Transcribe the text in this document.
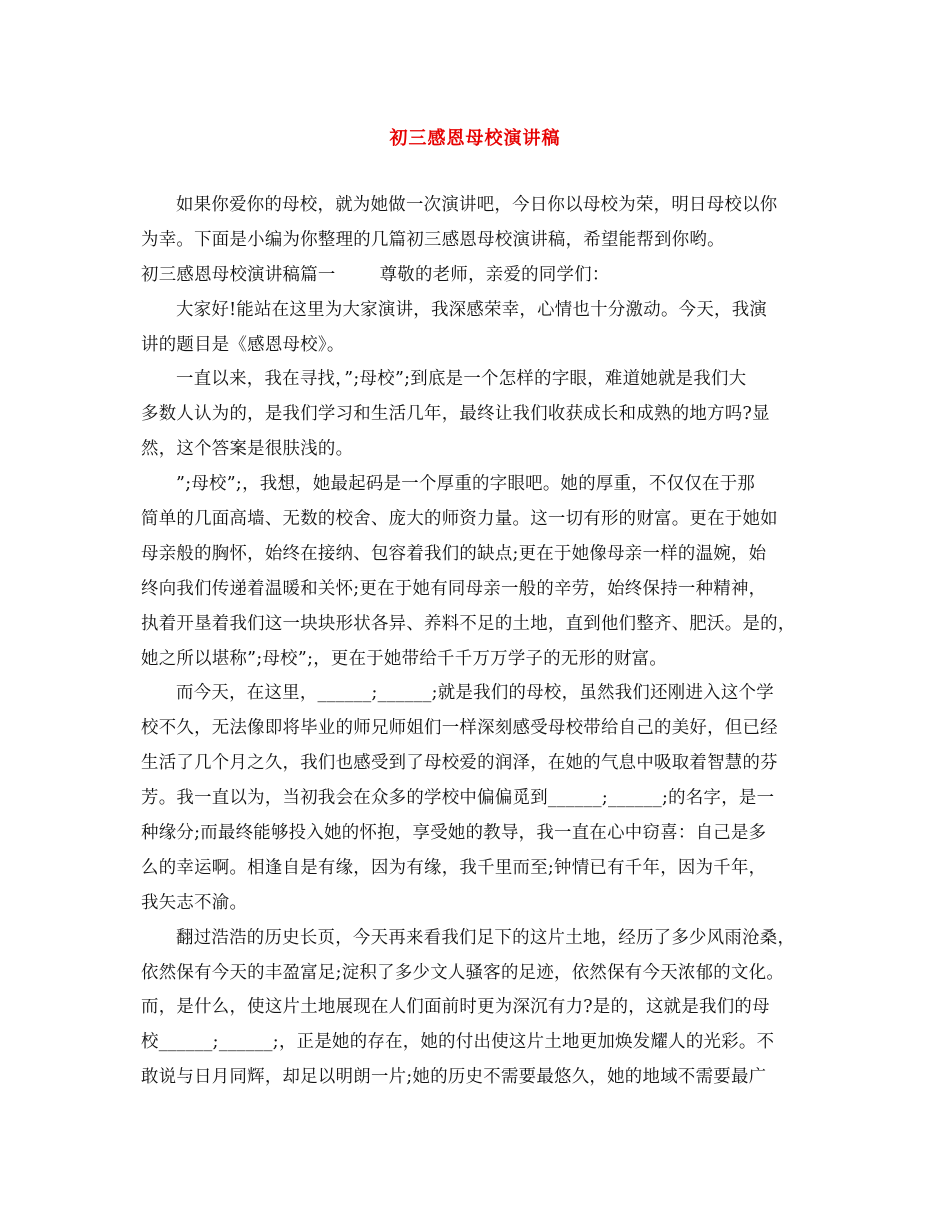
初三感恩母校演讲稿
如果你爱你的母校，就为她做一次演讲吧，今日你以母校为荣，明日母校以你
为幸。下面是小编为你整理的几篇初三感恩母校演讲稿，希望能帮到你哟。
初三感恩母校演讲稿篇一	尊敬的老师，亲爱的同学们：
大家好!能站在这里为大家演讲，我深感荣幸，心情也十分激动。今天，我演
讲的题目是《感恩母校》。
一直以来，我在寻找，”;母校”;到底是一个怎样的字眼，难道她就是我们大
多数人认为的，是我们学习和生活几年，最终让我们收获成长和成熟的地方吗?显
然，这个答案是很肤浅的。
”;母校”;，我想，她最起码是一个厚重的字眼吧。她的厚重，不仅仅在于那
简单的几面高墙、无数的校舍、庞大的师资力量。这一切有形的财富。更在于她如
母亲般的胸怀，始终在接纳、包容着我们的缺点;更在于她像母亲一样的温婉，始
终向我们传递着温暖和关怀;更在于她有同母亲一般的辛劳，始终保持一种精神，
执着开垦着我们这一块块形状各异、养料不足的土地，直到他们整齐、肥沃。是的，
她之所以堪称”;母校”;，更在于她带给千千万万学子的无形的财富。
而今天，在这里，______;______;就是我们的母校，虽然我们还刚进入这个学
校不久，无法像即将毕业的师兄师姐们一样深刻感受母校带给自己的美好，但已经
生活了几个月之久，我们也感受到了母校爱的润泽，在她的气息中吸取着智慧的芬
芳。我一直以为，当初我会在众多的学校中偏偏觅到______;______;的名字，是一
种缘分;而最终能够投入她的怀抱，享受她的教导，我一直在心中窃喜：自己是多
么的幸运啊。相逢自是有缘，因为有缘，我千里而至;钟情已有千年，因为千年，
我矢志不渝。
翻过浩浩的历史长页，今天再来看我们足下的这片土地，经历了多少风雨沧桑，
依然保有今天的丰盈富足;淀积了多少文人骚客的足迹，依然保有今天浓郁的文化。
而，是什么，使这片土地展现在人们面前时更为深沉有力?是的，这就是我们的母
校______;______;，正是她的存在，她的付出使这片土地更加焕发耀人的光彩。不
敢说与日月同辉，却足以明朗一片;她的历史不需要最悠久，她的地域不需要最广
